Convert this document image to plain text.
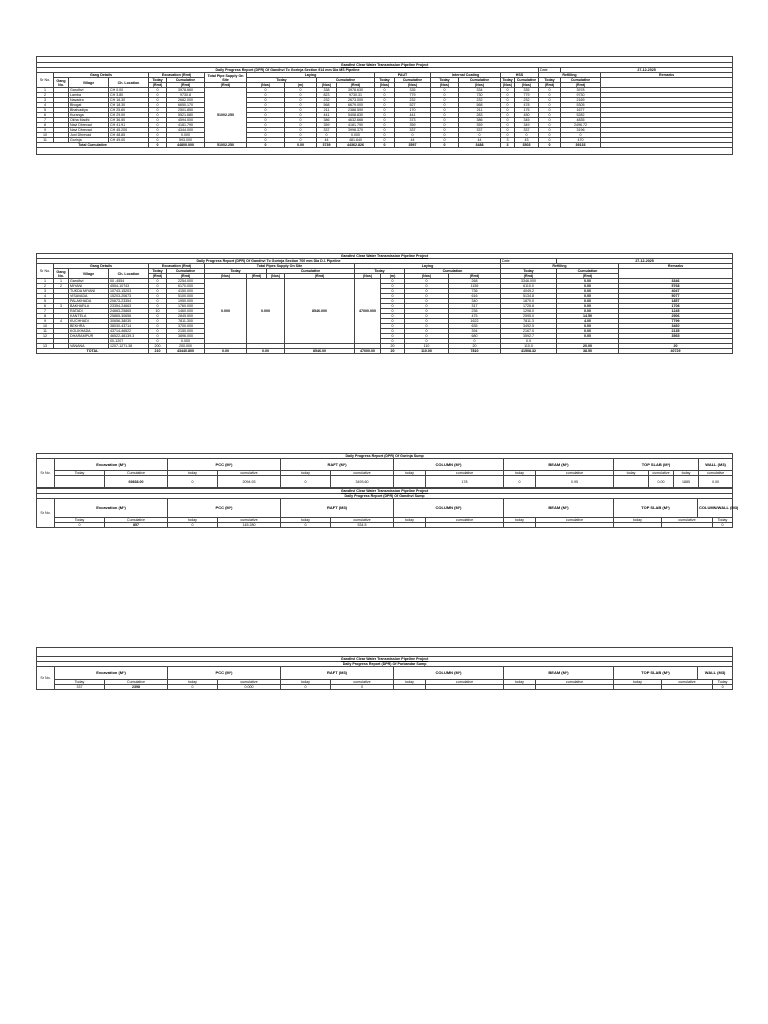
Gandhvi Clear Water Transmission Pipeline Project																			
Daily Progress Report (DPR) Of Gandhvi To Gorinja Section 914 mm Dia MS Pipeline																	Date	27-12-2025	
Sr No.	Gang Details			Excavation (Rmt)		Total Pipe Supply On Site	Laying				PAUT		Internal Coating		HSS		Refilling		Remarks
	Gang No.	Village	Ch. Location	Today	Cumulative		Today		Cumulative		Today	Cumulative	Today	Cumulative	Today	Cumulative	Today	Cumulative	
				(Rmt)	(Rmt)	(Rmt)	(Nos)	(m)	(Nos)	(Rmt)	(Nos)	(Nos)	(Nos)	(Nos)	(Nos)	(Nos)	(Rmt)	(Rmt)	
1		Gandhvi	CH 0.00	0	3978.660	51002.250	0	0	338	3978.630	0	335	0	334	0	335	0	3978	
2		Lamba	CH 3.80	0	9730.8		0	0	823	9730.31	0	779	0	730	0	779	0	9730	
3		Navadra	CH 16.30	0	2682.000		0	0	232	2673.000	0	232	0	232	0	232	0	2169	
4		Bhogat	CH 18.30	0	6650.170		0	0	568	6679.000	0	527	0	568	0	478	0	5305	
5		Bhatvadiya	CH 25.60	0	2501.850		0	0	211	2388.590	0	170	0	211	0	175	0	1677	
6		Kuranga	CH 29.00	0	5521.680		0	0	441	5408.830	0	441	0	283	0	450	0	5282	
7		Okha Madhi	CH 36.50	0	4594.000		0	0	386	4632.666	0	373	0	386	0	345	0	4835	
8		Navi Dhrevad	CH 41.91	0	4181.790		0	0	359	4181.790	0	359	0	359	0	349	0	2496.72	
9		Navi Dhrevad	CH 45.200	0	4344.000		0	0	337	3998.370	0	337	0	337	0	337	0	3196	
10		Juni Dhrevad	CH 48.85	0	0.000		0	0	0	0.000	0	0	0	0	0	0	0	0	
11		Gorinja	CH 49.00	0	593.000		0	0	44	481.640	0	44	0	44	3	43	0	470	
Total Cumulative				0	44800.000	51002.250	0	0.00	3739	44362.826	0	3597	0	3488	3	3503	0	39133	

Gandhvi Clear Water Transmission Pipeline Project																	
Daily Progress Report (DPR) Of Gandhvi To Gorinja Section 700 mm Dia D.I. Pipeline														Date	27-12-2025		
Sr No.	Gang Details			Excavation (Rmt)		Total Pipes Supply On Site				Laying				Refilling		Remarks	
	Gang No.	Village	Ch. Location	Today	Cumulative	Today		Cumulative		Today		Cumulation		Today	Cumulation		
				(Rmt)	(Rmt)	(Nos)	(Rmt)	(Nos)	(Rmt)	(Nos)	(m)	(Nos)	(Rmt)	(Rmt)	(Rmt)		
1	1	Gandhvi	00 -4554	0	2254.000	0.000	0.000		8546.000	47000.000	0	0	268	3346.000	0.00	3346	
2	2	MIYANI	4554-10743	0	6170.000						0	0	1155	6110.0	0.00	5768	
3		TUKDA MIYANI	10743-15203	0	4150.000						0	0	736	4049.2	0.00	4047	
4		VISAVADA	15203-20673	0	5100.000						0	0	616	5134.8	0.00	5077	
5		PALAKHADA	20673-23354	0	1950.000						0	0	340	1870.0	0.00	1857	
6	3	BAKHARLA	23354-24663	0	1760.000						0	0	317	1726.8	0.00	1708	
7		RATADI	24663-25865	10	1460.000						0	0	236	1298.0	0.00	1245	
8		KANTELA	25865-30656	0	2845.500						0	0	475	2595.0	14.50	2506	
9	4	KUCHHADI	30656-38030	0	7811.300						0	0	1622	7811.3	4.00	7799	
10		BEKHRA	38030-43714	0	3700.000						0	0	635	3492.5	0.00	3460	
11		KOLIKHADA	43714-46522	0	2150.000						0	0	394	2167.0	0.00	2135	
12		DHARAMPUR	46522-48139.3	0	3896.000						0	0	680	3592.7	0.00	3565	
			00-1207	0	0.000						0	0	0	0.0			
13		VANANA	1207-1271.38	200	200.000						20	110	20	110.0	20.00	20	
TOTAL				210	43440.800	0.00	0.00		8546.00	47000.00	20	110.00	7810	41508.32	38.50	40729	
Daily Progress Report (DPR) Of Gorinja Sump															
Sr No.	Excavation (M³)		PCC (M³)		RAFT (M³)		COLUMN (M³)		BEAM (M³)		TOP SLAB (M³)			WALL (M3)	
	Today	Cumulative	today	cumulative	today	cumulative	today	cumulative	today	cumulative	today	cumulative	today	cumulative	
		69838.00	0	2094.93	0	3493.60		178	0	0.95		0.00	1885	0.00	
Gandhvi Clear Water Transmission Pipeline Project															
Daily Progress Report (DPR) Of Gandhvi Sump															
Sr No.	Excavation (M³)		PCC (M³)		RAFT (M3)		COLUMN (M³)		BEAM (M³)		TOP SLAB (M³)		COLUMN/WALL (M3)		
	Today	Cumulative	today	cumulative	today	cumulative	today	cumulative	today	cumulative	today	cumulative		Today	
	0	857	0	145.280	0	534.5								0	

Gandhvi Clear Water Transmission Pipeline Project															
Daily Progress Report (DPR) Of Porbandar Sump															
Sr No.	Excavation (M³)		PCC (M³)		RAFT (M3)		COLUMN (M³)		BEAM (M³)		TOP SLAB (M³)		WALL (M3)		
	Today	Cumulative	today	cumulative	today	cumulative	today	cumulative	today	cumulative	today	cumulative		Today	
	337	2398	0	0.000	0	0								0	
